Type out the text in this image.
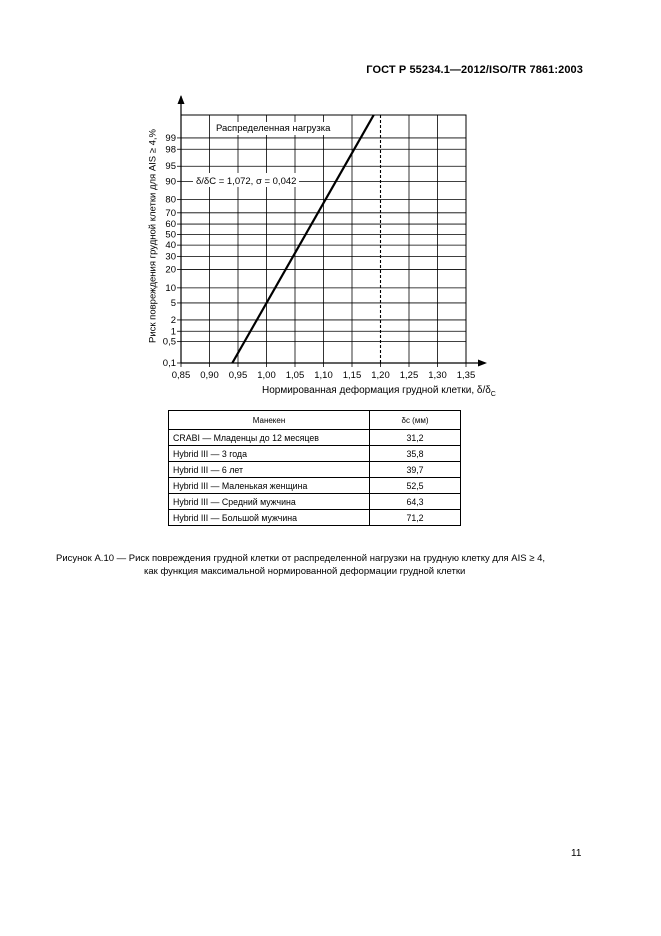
ГОСТ Р 55234.1—2012/ISO/TR 7861:2003
0,1
0,5
1
2
5
10
20
30
40
50
60
70
80
90
95
98
99
0,85 0,90 0,95 1,00 1,05 1,10 1,15 1,20 1,25 1,30 1,35
Распределенная нагрузка
δ/δC = 1,072, σ = 0,042
Риск повреждения грудной клетки для AIS ≥ 4,%
Нормированная деформация грудной клетки, $\delta/\delta_C$
Манекен	δc (мм)
CRABI — Младенцы до 12 месяцев	31,2
Hybrid III — 3 года	35,8
Hybrid III — 6 лет	39,7
Hybrid III — Маленькая женщина	52,5
Hybrid III — Средний мужчина	64,3
Hybrid III — Большой мужчина	71,2
Рисунок А.10 — Риск повреждения грудной клетки от распределенной нагрузки на грудную клетку для AIS ≥ 4,
как функция максимальной нормированной деформации грудной клетки
11
